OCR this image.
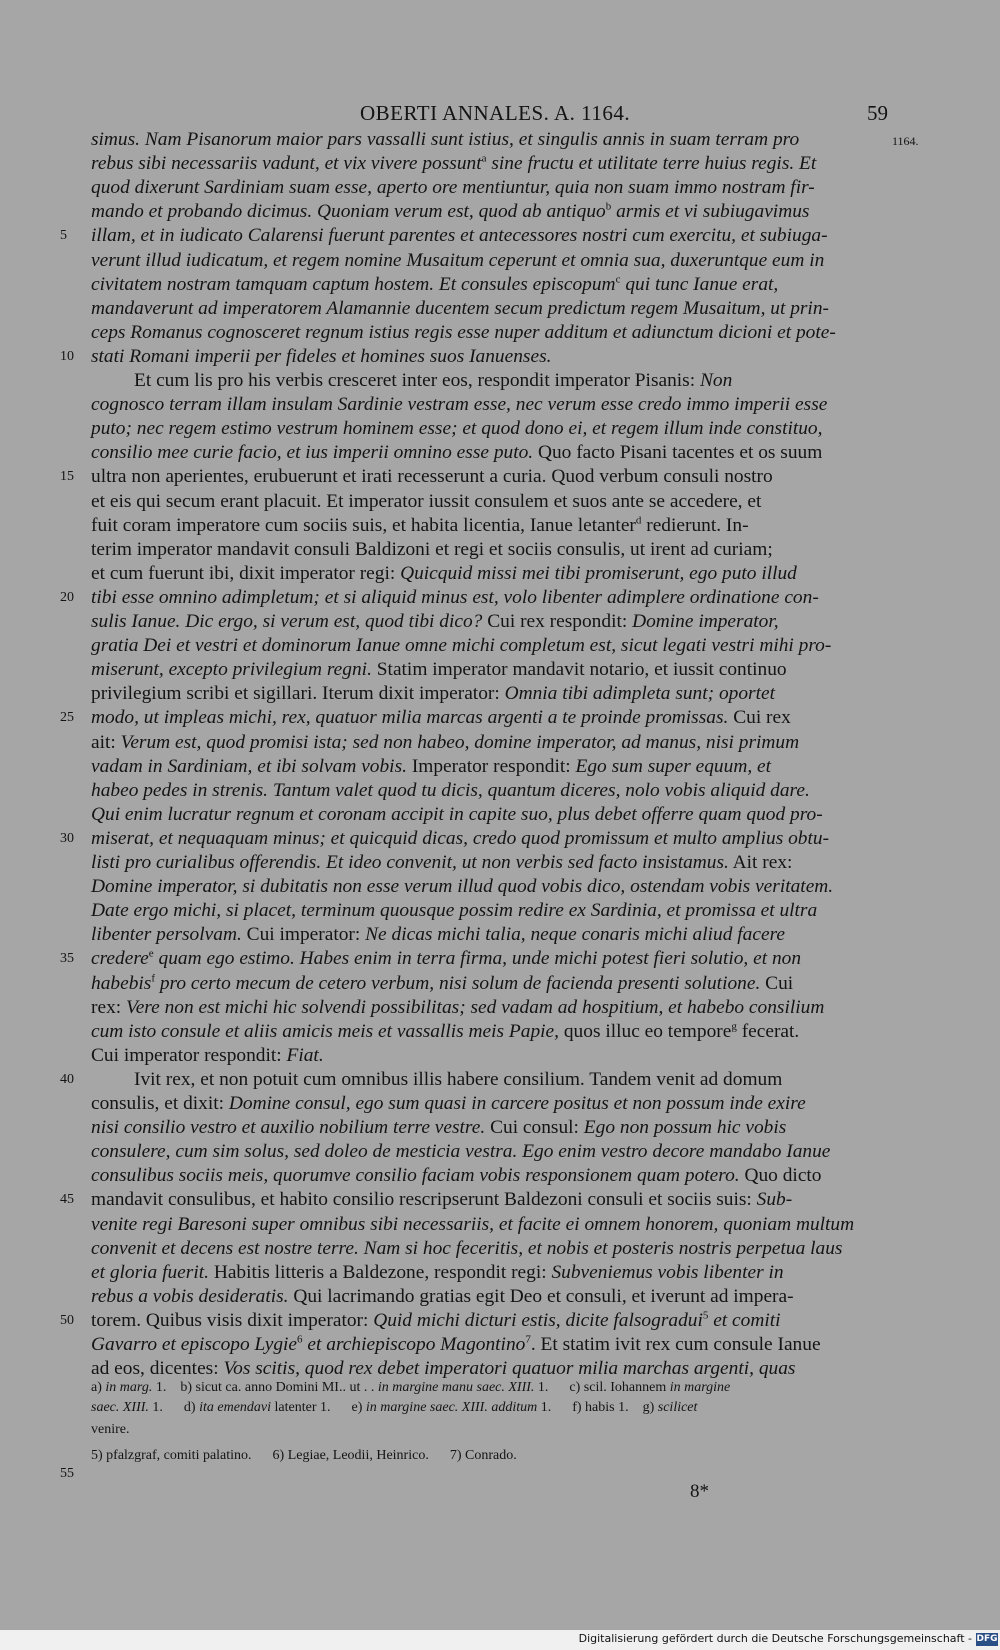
OBERTI ANNALES. A. 1164.	59
1164.
simus. Nam Pisanorum maior pars vassalli sunt istius, et singulis annis in suam terram pro
rebus sibi necessariis vadunt, et vix vivere possunt$^a$ sine fructu et utilitate terre huius regis. Et
quod dixerunt Sardiniam suam esse, aperto ore mentiuntur, quia non suam immo nostram fir-
mando et probando dicimus. Quoniam verum est, quod ab antiquo$^b$ armis et vi subiugavimus
illam, et in iudicato Calarensi fuerunt parentes et antecessores nostri cum exercitu, et subiuga-
verunt illud iudicatum, et regem nomine Musaitum ceperunt et omnia sua, duxeruntque eum in
civitatem nostram tamquam captum hostem. Et consules episcopum$^c$ qui tunc Ianue erat,
mandaverunt ad imperatorem Alamannie ducentem secum predictum regem Musaitum, ut prin-
ceps Romanus cognosceret regnum istius regis esse nuper additum et adiunctum dicioni et pote-
stati Romani imperii per fideles et homines suos Ianuenses.
Et cum lis pro his verbis cresceret inter eos, respondit imperator Pisanis: Non
cognosco terram illam insulam Sardinie vestram esse, nec verum esse credo immo imperii esse
puto; nec regem estimo vestrum hominem esse; et quod dono ei, et regem illum inde constituo,
consilio mee curie facio, et ius imperii omnino esse puto. Quo facto Pisani tacentes et os suum
ultra non aperientes, erubuerunt et irati recesserunt a curia. Quod verbum consuli nostro
et eis qui secum erant placuit. Et imperator iussit consulem et suos ante se accedere, et
fuit coram imperatore cum sociis suis, et habita licentia, Ianue letanter$^d$ redierunt. In-
terim imperator mandavit consuli Baldizoni et regi et sociis consulis, ut irent ad curiam;
et cum fuerunt ibi, dixit imperator regi: Quicquid missi mei tibi promiserunt, ego puto illud
tibi esse omnino adimpletum; et si aliquid minus est, volo libenter adimplere ordinatione con-
sulis Ianue. Dic ergo, si verum est, quod tibi dico? Cui rex respondit: Domine imperator,
gratia Dei et vestri et dominorum Ianue omne michi completum est, sicut legati vestri mihi pro-
miserunt, excepto privilegium regni. Statim imperator mandavit notario, et iussit continuo
privilegium scribi et sigillari. Iterum dixit imperator: Omnia tibi adimpleta sunt; oportet
modo, ut impleas michi, rex, quatuor milia marcas argenti a te proinde promissas. Cui rex
ait: Verum est, quod promisi ista; sed non habeo, domine imperator, ad manus, nisi primum
vadam in Sardiniam, et ibi solvam vobis. Imperator respondit: Ego sum super equum, et
habeo pedes in strenis. Tantum valet quod tu dicis, quantum diceres, nolo vobis aliquid dare.
Qui enim lucratur regnum et coronam accipit in capite suo, plus debet offerre quam quod pro-
miserat, et nequaquam minus; et quicquid dicas, credo quod promissum et multo amplius obtu-
listi pro curialibus offerendis. Et ideo convenit, ut non verbis sed facto insistamus. Ait rex:
Domine imperator, si dubitatis non esse verum illud quod vobis dico, ostendam vobis veritatem.
Date ergo michi, si placet, terminum quousque possim redire ex Sardinia, et promissa et ultra
libenter persolvam. Cui imperator: Ne dicas michi talia, neque conaris michi aliud facere
credere$^e$ quam ego estimo. Habes enim in terra firma, unde michi potest fieri solutio, et non
habebis$^f$ pro certo mecum de cetero verbum, nisi solum de facienda presenti solutione. Cui
rex: Vere non est michi hic solvendi possibilitas; sed vadam ad hospitium, et habebo consilium
cum isto consule et aliis amicis meis et vassallis meis Papie, quos illuc eo tempore$^g$ fecerat.
Cui imperator respondit: Fiat.
Ivit rex, et non potuit cum omnibus illis habere consilium. Tandem venit ad domum
consulis, et dixit: Domine consul, ego sum quasi in carcere positus et non possum inde exire
nisi consilio vestro et auxilio nobilium terre vestre. Cui consul: Ego non possum hic vobis
consulere, cum sim solus, sed doleo de mesticia vestra. Ego enim vestro decore mandabo Ianue
consulibus sociis meis, quorumve consilio faciam vobis responsionem quam potero. Quo dicto
mandavit consulibus, et habito consilio rescripserunt Baldezoni consuli et sociis suis: Sub-
venite regi Baresoni super omnibus sibi necessariis, et facite ei omnem honorem, quoniam multum
convenit et decens est nostre terre. Nam si hoc feceritis, et nobis et posteris nostris perpetua laus
et gloria fuerit. Habitis litteris a Baldezone, respondit regi: Subveniemus vobis libenter in
rebus a vobis desideratis. Qui lacrimando gratias egit Deo et consuli, et iverunt ad impera-
torem. Quibus visis dixit imperator: Quid michi dicturi estis, dicite falsogradui$^5$ et comiti
Gavarro et episcopo Lygie$^6$ et archiepiscopo Magontino$^7$. Et statim ivit rex cum consule Ianue
ad eos, dicentes: Vos scitis, quod rex debet imperatori quatuor milia marchas argenti, quas
5
10
15
20
25
30
35
40
45
50
55
a) in marg. 1.    b) sicut ca. anno Domini MI.. ut . . in margine manu saec. XIII. 1.      c) scil. Iohannem in margine
saec. XIII. 1.      d) ita emendavi latenter 1.      e) in margine saec. XIII. additum 1.      f) habis 1.    g) scilicet
venire.
5) pfalzgraf, comiti palatino.      6) Legiae, Leodii, Heinrico.      7) Conrado.
8*
Digitalisierung gefördert durch die Deutsche Forschungsgemeinschaft - DFG
